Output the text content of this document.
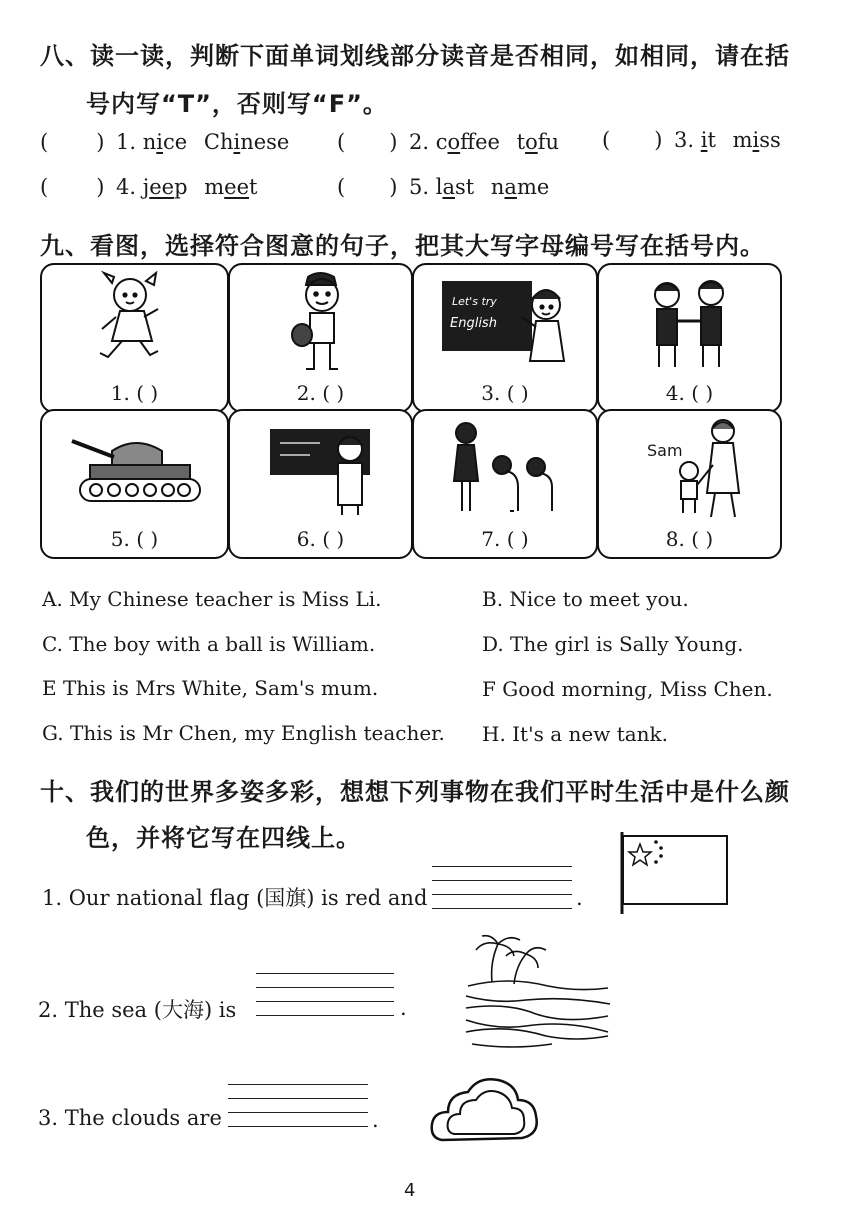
八、读一读，判断下面单词划线部分读音是否相同，如相同，请在括
号内写“T”，否则写“F”。
( ) 1. nice Chinese ( ) 2. coffee tofu ( ) 3. it miss
( ) 4. jeep meet	( ) 5. last name
九、看图，选择符合图意的句子，把其大写字母编号写在括号内。
1. ( )	2. ( )
Let's try
English
3. ( )	4. ( )
5. ( )	6. ( )	7. ( )
Sam
8. ( )
A. My Chinese teacher is Miss Li.	B. Nice to meet you.
C. The boy with a ball is William.	D. The girl is Sally Young.
E This is Mrs White, Sam's mum.	F Good morning, Miss Chen.
G. This is Mr Chen, my English teacher. H. It's a new tank.
十、我们的世界多姿多彩，想想下列事物在我们平时生活中是什么颜
色，并将它写在四线上。
1. Our national flag (国旗) is red and	.
2. The sea (大海) is	.
3. The clouds are	.
4
